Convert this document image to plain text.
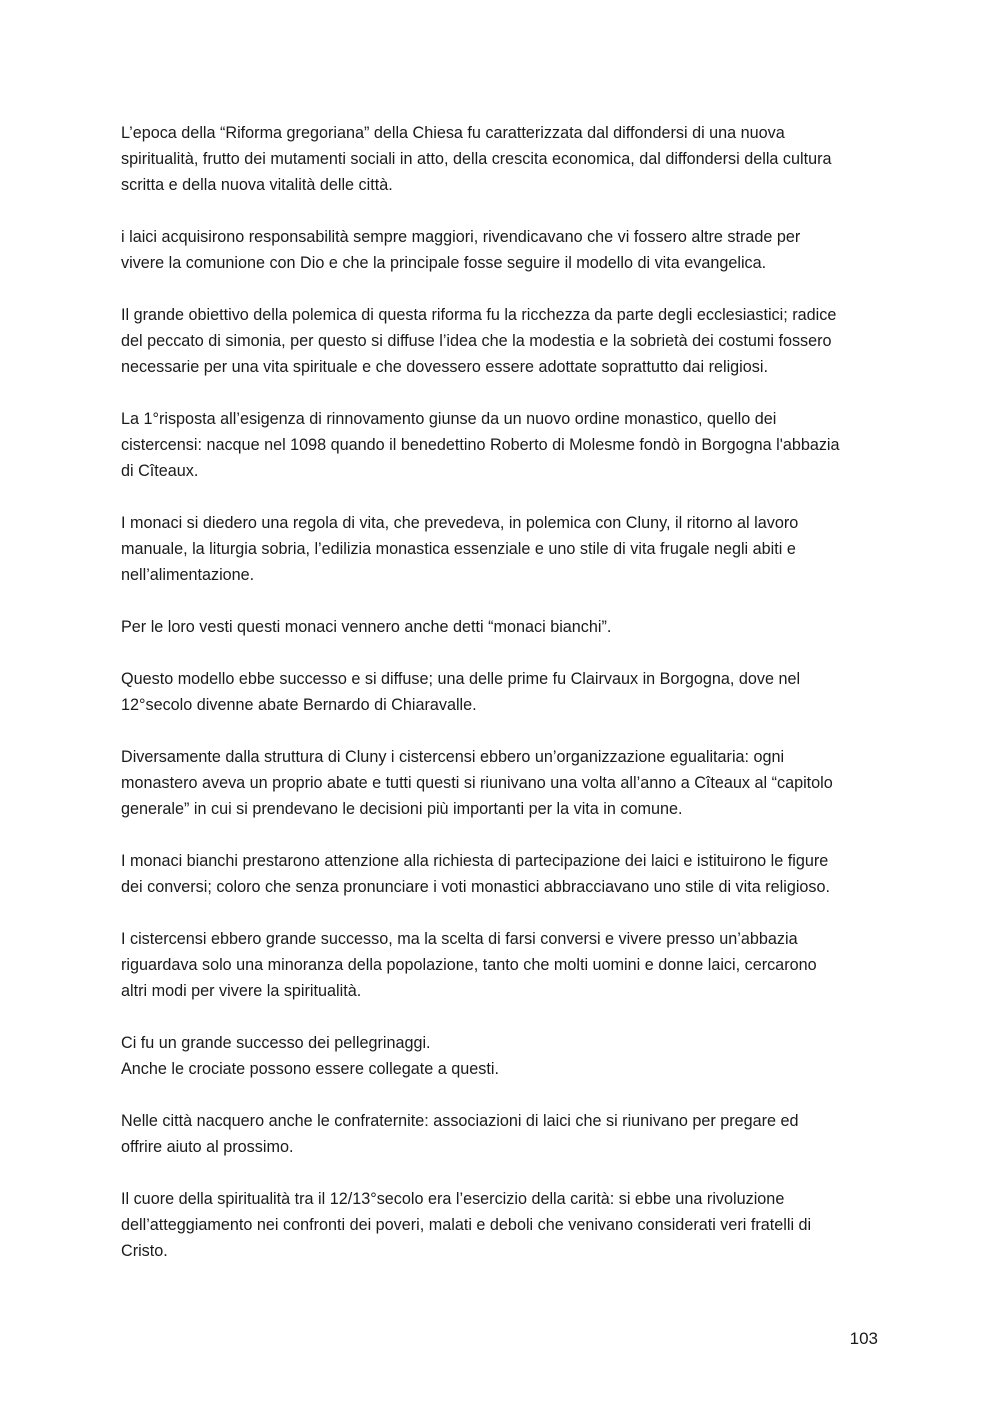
L’epoca della “Riforma gregoriana” della Chiesa fu caratterizzata dal diffondersi di una nuova
spiritualità, frutto dei mutamenti sociali in atto, della crescita economica, dal diffondersi della cultura
scritta e della nuova vitalità delle città.

i laici acquisirono responsabilità sempre maggiori, rivendicavano che vi fossero altre strade per
vivere la comunione con Dio e che la principale fosse seguire il modello di vita evangelica.

Il grande obiettivo della polemica di questa riforma fu la ricchezza da parte degli ecclesiastici; radice
del peccato di simonia, per questo si diffuse l’idea che la modestia e la sobrietà dei costumi fossero
necessarie per una vita spirituale e che dovessero essere adottate soprattutto dai religiosi.

La 1°risposta all’esigenza di rinnovamento giunse da un nuovo ordine monastico, quello dei
cistercensi: nacque nel 1098 quando il benedettino Roberto di Molesme fondò in Borgogna l'abbazia
di Cîteaux.

I monaci si diedero una regola di vita, che prevedeva, in polemica con Cluny, il ritorno al lavoro
manuale, la liturgia sobria, l’edilizia monastica essenziale e uno stile di vita frugale negli abiti e
nell’alimentazione.

Per le loro vesti questi monaci vennero anche detti “monaci bianchi”.

Questo modello ebbe successo e si diffuse; una delle prime fu Clairvaux in Borgogna, dove nel
12°secolo divenne abate Bernardo di Chiaravalle.

Diversamente dalla struttura di Cluny i cistercensi ebbero un’organizzazione egualitaria: ogni
monastero aveva un proprio abate e tutti questi si riunivano una volta all’anno a Cîteaux al “capitolo
generale” in cui si prendevano le decisioni più importanti per la vita in comune.

I monaci bianchi prestarono attenzione alla richiesta di partecipazione dei laici e istituirono le figure
dei conversi; coloro che senza pronunciare i voti monastici abbracciavano uno stile di vita religioso.

I cistercensi ebbero grande successo, ma la scelta di farsi conversi e vivere presso un’abbazia
riguardava solo una minoranza della popolazione, tanto che molti uomini e donne laici, cercarono
altri modi per vivere la spiritualità.

Ci fu un grande successo dei pellegrinaggi.
Anche le crociate possono essere collegate a questi.

Nelle città nacquero anche le confraternite: associazioni di laici che si riunivano per pregare ed
offrire aiuto al prossimo.

Il cuore della spiritualità tra il 12/13°secolo era l’esercizio della carità: si ebbe una rivoluzione
dell’atteggiamento nei confronti dei poveri, malati e deboli che venivano considerati veri fratelli di
Cristo.

103
